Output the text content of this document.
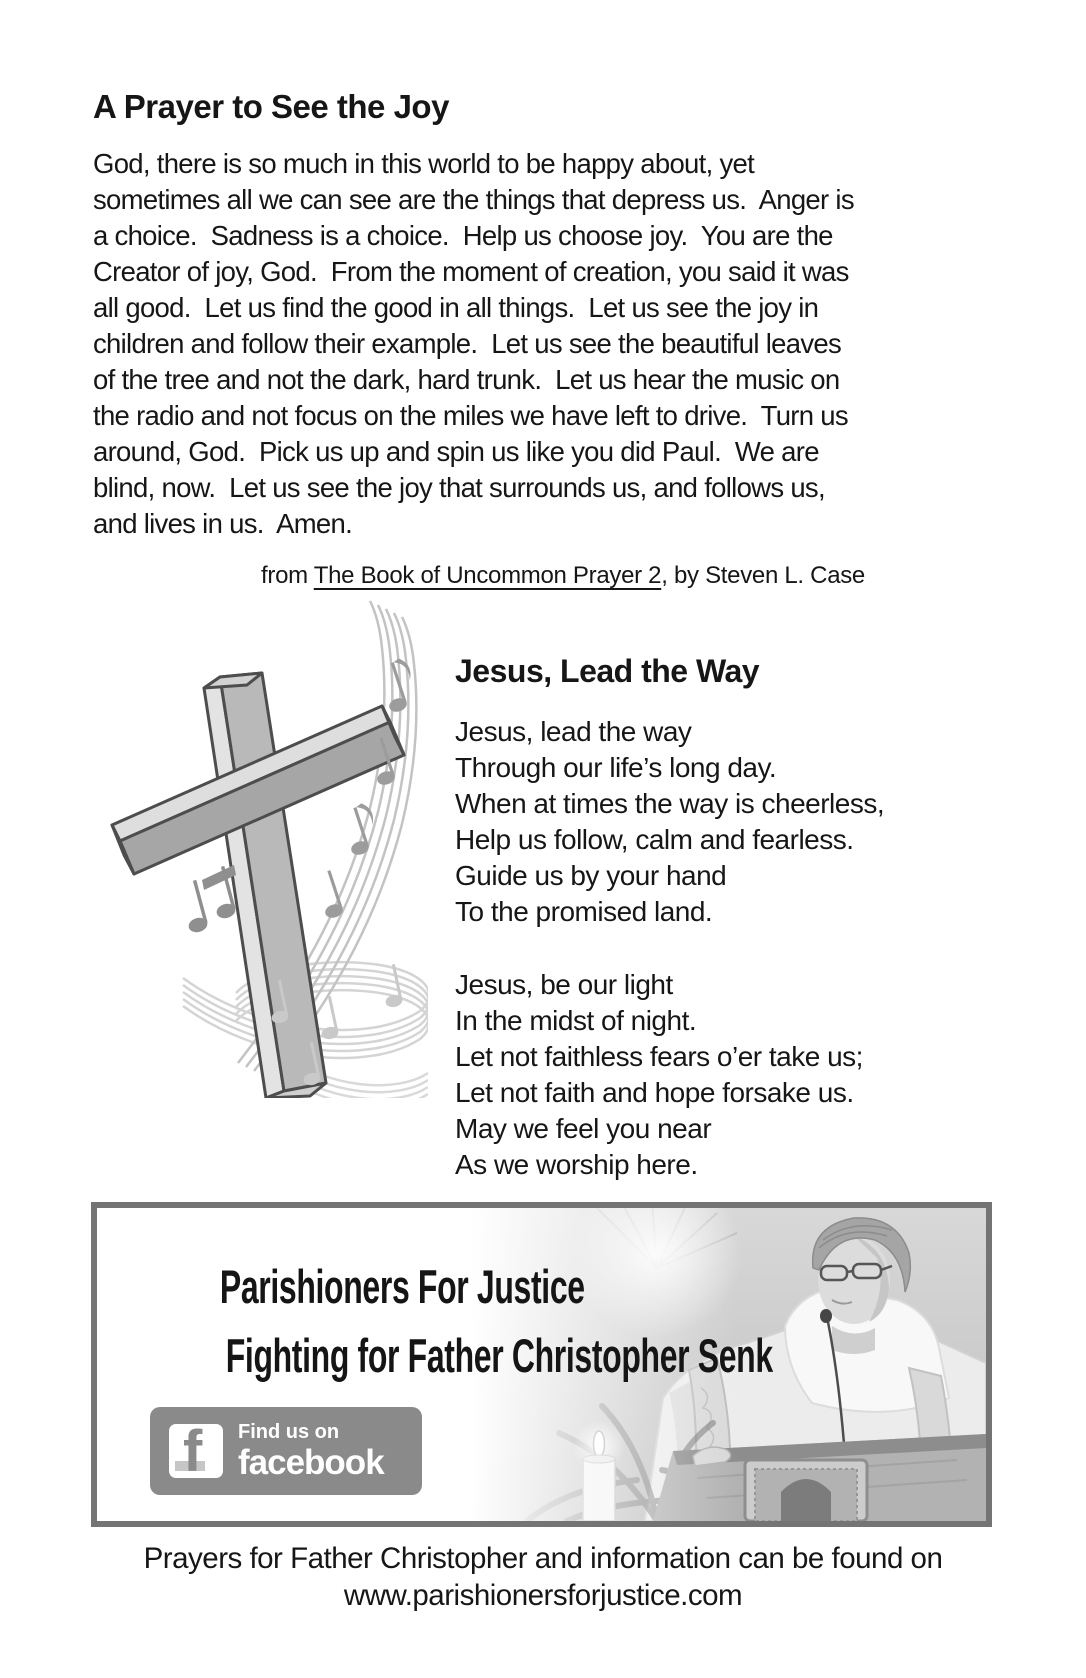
A Prayer to See the Joy
God, there is so much in this world to be happy about, yet
sometimes all we can see are the things that depress us.  Anger is
a choice.  Sadness is a choice.  Help us choose joy.  You are the
Creator of joy, God.  From the moment of creation, you said it was
all good.  Let us find the good in all things.  Let us see the joy in
children and follow their example.  Let us see the beautiful leaves
of the tree and not the dark, hard trunk.  Let us hear the music on
the radio and not focus on the miles we have left to drive.  Turn us
around, God.  Pick us up and spin us like you did Paul.  We are
blind, now.  Let us see the joy that surrounds us, and follows us,
and lives in us.  Amen.
from The Book of Uncommon Prayer 2, by Steven L. Case
Jesus, Lead the Way
Jesus, lead the way
Through our life’s long day.
When at times the way is cheerless,
Help us follow, calm and fearless.
Guide us by your hand
To the promised land.
Jesus, be our light
In the midst of night.
Let not faithless fears o’er take us;
Let not faith and hope forsake us.
May we feel you near
As we worship here.
Parishioners For Justice
Fighting for Father Christopher Senk
f Find us on
facebook
Prayers for Father Christopher and information can be found on
www.parishionersforjustice.com
